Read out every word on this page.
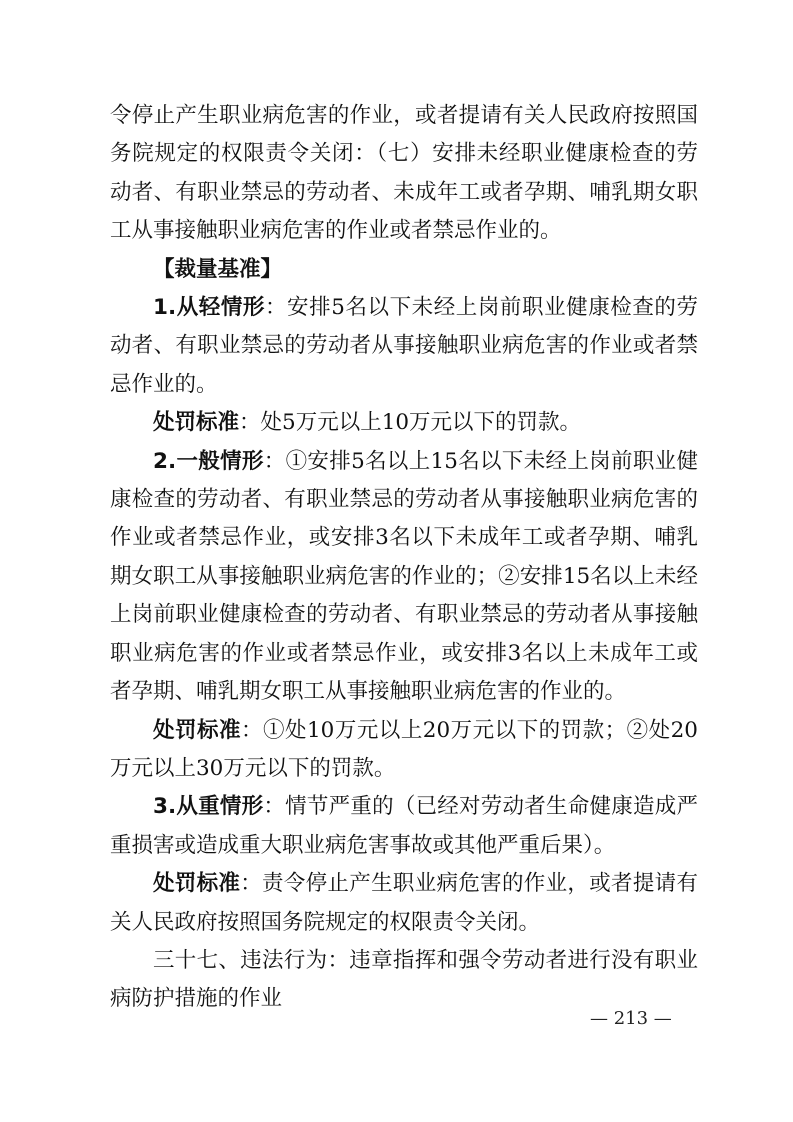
令停止产生职业病危害的作业，或者提请有关人民政府按照国务院规定的权限责令关闭：（七）安排未经职业健康检查的劳动者、有职业禁忌的劳动者、未成年工或者孕期、哺乳期女职工从事接触职业病危害的作业或者禁忌作业的。

【裁量基准】

1.从轻情形：安排5名以下未经上岗前职业健康检查的劳动者、有职业禁忌的劳动者从事接触职业病危害的作业或者禁忌作业的。

处罚标准：处5万元以上10万元以下的罚款。

2.一般情形：①安排5名以上15名以下未经上岗前职业健康检查的劳动者、有职业禁忌的劳动者从事接触职业病危害的作业或者禁忌作业，或安排3名以下未成年工或者孕期、哺乳期女职工从事接触职业病危害的作业的；②安排15名以上未经上岗前职业健康检查的劳动者、有职业禁忌的劳动者从事接触职业病危害的作业或者禁忌作业，或安排3名以上未成年工或者孕期、哺乳期女职工从事接触职业病危害的作业的。

处罚标准：①处10万元以上20万元以下的罚款；②处20万元以上30万元以下的罚款。

3.从重情形：情节严重的（已经对劳动者生命健康造成严重损害或造成重大职业病危害事故或其他严重后果）。

处罚标准：责令停止产生职业病危害的作业，或者提请有关人民政府按照国务院规定的权限责令关闭。

三十七、违法行为：违章指挥和强令劳动者进行没有职业病防护措施的作业

— 213 —
